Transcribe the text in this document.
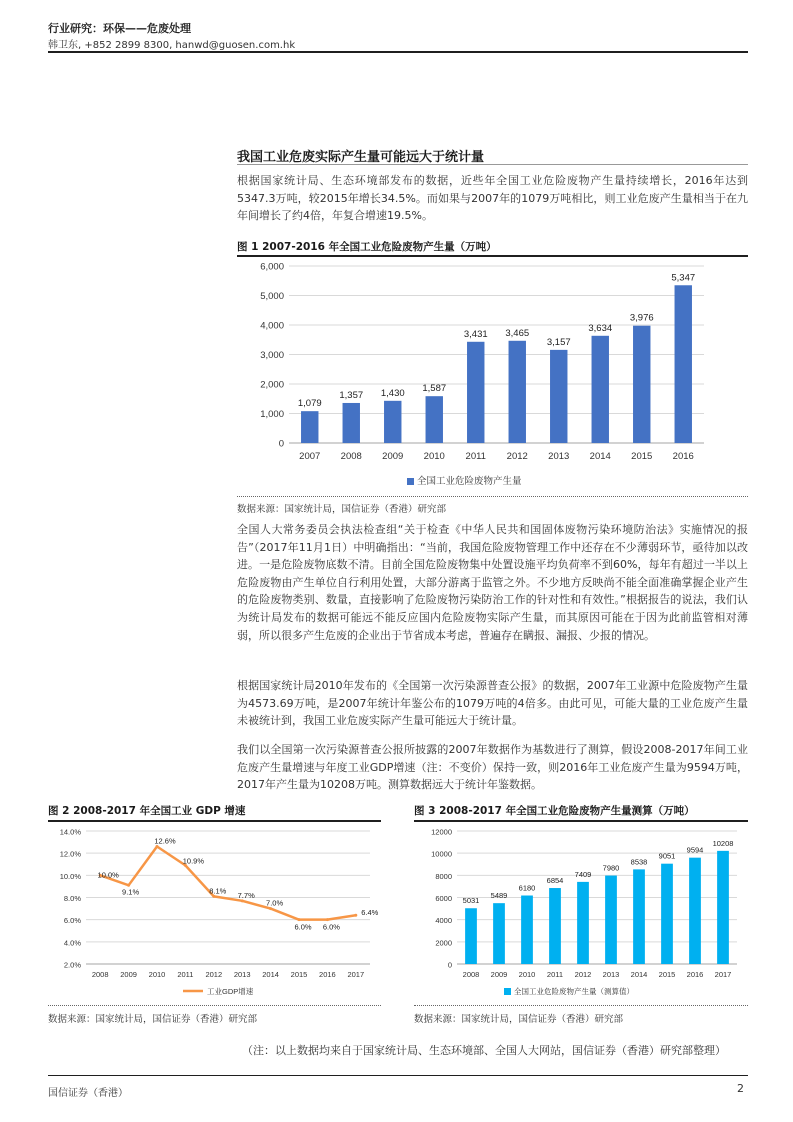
行业研究：环保——危废处理
韩卫东, +852 2899 8300, hanwd@guosen.com.hk
我国工业危废实际产生量可能远大于统计量
根据国家统计局、生态环境部发布的数据，近些年全国工业危险废物产生量持续增长，2016年达到5347.3万吨，较2015年增长34.5%。而如果与2007年的1079万吨相比，则工业危废产生量相当于在九年间增长了约4倍，年复合增速19.5%。
图 1 2007-2016 年全国工业危险废物产生量（万吨）
0
1,000
2,000
3,000
4,000
5,000
6,000
2007 2008 2009 2010 2011 2012 2013 2014 2015 2016
1,079
1,357 1,430 1,587
3,431 3,465
3,157
3,634
3,976
5,347
全国工业危险废物产生量
数据来源：国家统计局，国信证券（香港）研究部
全国人大常务委员会执法检查组“关于检查《中华人民共和国固体废物污染环境防治法》实施情况的报告”（2017年11月1日）中明确指出：“当前，我国危险废物管理工作中还存在不少薄弱环节，亟待加以改进。一是危险废物底数不清。目前全国危险废物集中处置设施平均负荷率不到60%，每年有超过一半以上危险废物由产生单位自行利用处置，大部分游离于监管之外。不少地方反映尚不能全面准确掌握企业产生的危险废物类别、数量，直接影响了危险废物污染防治工作的针对性和有效性。”根据报告的说法，我们认为统计局发布的数据可能远不能反应国内危险废物实际产生量，而其原因可能在于因为此前监管相对薄弱，所以很多产生危废的企业出于节省成本考虑，普遍存在瞒报、漏报、少报的情况。
根据国家统计局2010年发布的《全国第一次污染源普查公报》的数据，2007年工业源中危险废物产生量为4573.69万吨，是2007年统计年鉴公布的1079万吨的4倍多。由此可见，可能大量的工业危废产生量未被统计到，我国工业危废实际产生量可能远大于统计量。
我们以全国第一次污染源普查公报所披露的2007年数据作为基数进行了测算，假设2008-2017年间工业危废产生量增速与年度工业GDP增速（注：不变价）保持一致，则2016年工业危废产生量为9594万吨，2017年产生量为10208万吨。测算数据远大于统计年鉴数据。
图 2 2008-2017 年全国工业 GDP 增速
2.0%
4.0%
6.0%
8.0%
10.0%
12.0%
14.0%
2008 2009 2010 2011 2012 2013 2014 2015 2016 2017
10.0%
9.1%
12.6%
10.9%
8.1% 7.7%
7.0%
6.0% 6.0%
6.4%
工业GDP增速
数据来源：国家统计局，国信证券（香港）研究部
图 3 2008-2017 年全国工业危险废物产生量测算（万吨）
0
2000
4000
6000
8000
10000
12000
2008 2009 2010 2011 2012 2013 2014 2015 2016 2017
5031
5489
6180
6854
7409
7980
8538
9051
9594
10208
全国工业危险废物产生量（测算值）
数据来源：国家统计局，国信证券（香港）研究部
（注：以上数据均来自于国家统计局、生态环境部、全国人大网站，国信证券（香港）研究部整理）
国信证券（香港）	2
